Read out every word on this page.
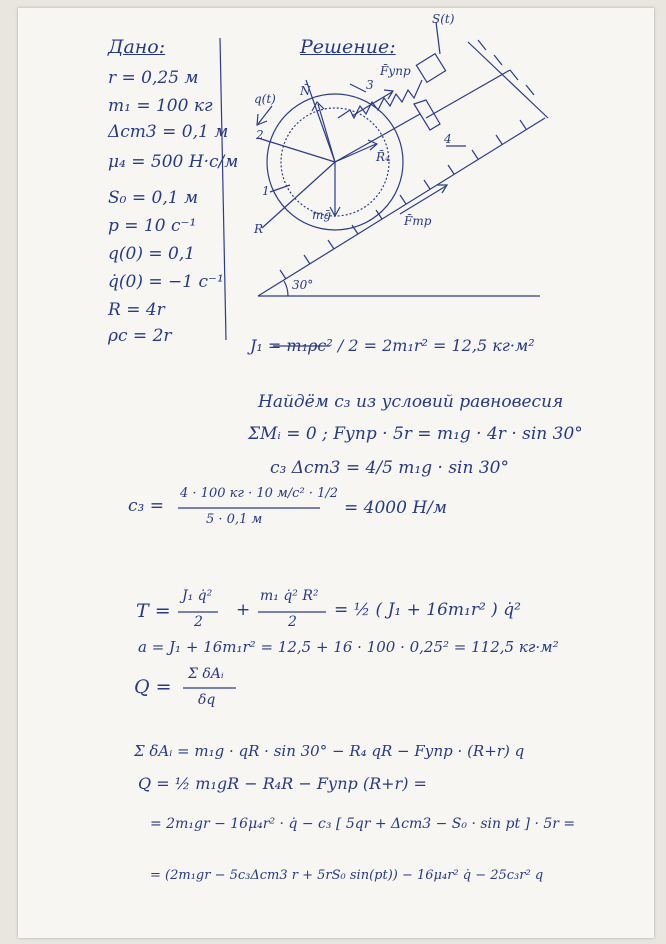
Дано:
r = 0,25 м
m₁ = 100 кг
Δст3 = 0,1 м
μ₄ = 500 Н·с/м
S₀ = 0,1 м
p = 10 с⁻¹
q(0) = 0,1
q̇(0) = −1 с⁻¹
R = 4r
ρc = 2r
Решение:
S(t)
q(t)
N̄	3
F̄упр
2
R̄₄
4
1
R
mḡ	F̄тр
30°
J₁ = m₁ρc² / 2 = 2m₁r² = 12,5 кг·м²
Найдём c₃ из условий равновесия
ΣMᵢ = 0 ; Fупр · 5r = m₁g · 4r · sin 30°
c₃ Δст3 = 4/5 m₁g · sin 30°
c₃ =
4 · 100 кг · 10 м/с² · 1/2
5 · 0,1 м
= 4000 Н/м
T =
J₁ q̇²
2
+
m₁ q̇² R²
2
= ½ ( J₁ + 16m₁r² ) q̇²
a = J₁ + 16m₁r² = 12,5 + 16 · 100 · 0,25² = 112,5 кг·м²
Q =
Σ δAᵢ
δq
Σ δAᵢ = m₁g · qR · sin 30° − R₄ qR − Fупр · (R+r) q
Q = ½ m₁gR − R₄R − Fупр (R+r) =
= 2m₁gr − 16μ₄r² · q̇ − c₃ [ 5qr + Δст3 − S₀ · sin pt ] · 5r =
= (2m₁gr − 5c₃Δст3 r + 5rS₀ sin(pt)) − 16μ₄r² q̇ − 25c₃r² q
